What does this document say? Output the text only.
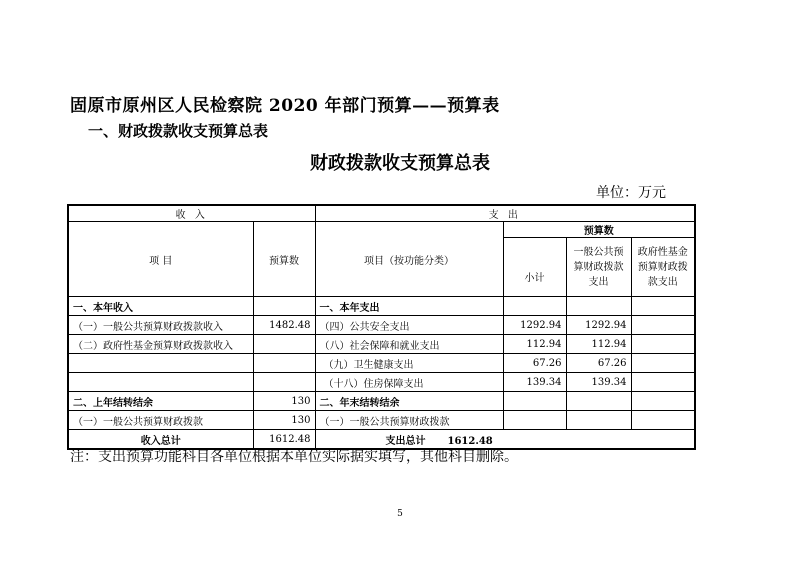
固原市原州区人民检察院 2020 年部门预算——预算表
一、财政拨款收支预算总表
财政拨款收支预算总表
单位：万元
收 入		支 出			
项 目	预算数	项目（按功能分类）	预算数		
			小计	一般公共预算财政拨款支出	政府性基金预算财政拨款支出
一、本年收入		一、本年支出			
（一）一般公共预算财政拨款收入	1482.48	（四）公共安全支出	1292.94	1292.94	
（二）政府性基金预算财政拨款收入		（八）社会保障和就业支出	112.94	112.94	
		（九）卫生健康支出	67.26	67.26	
		（十八）住房保障支出	139.34	139.34	
二、上年结转结余	130	二、年末结转结余			
（一）一般公共预算财政拨款	130	（一）一般公共预算财政拨款			
收入总计	1612.48	支出总计 1612.48			
注：支出预算功能科目各单位根据本单位实际据实填写，其他科目删除。
5
